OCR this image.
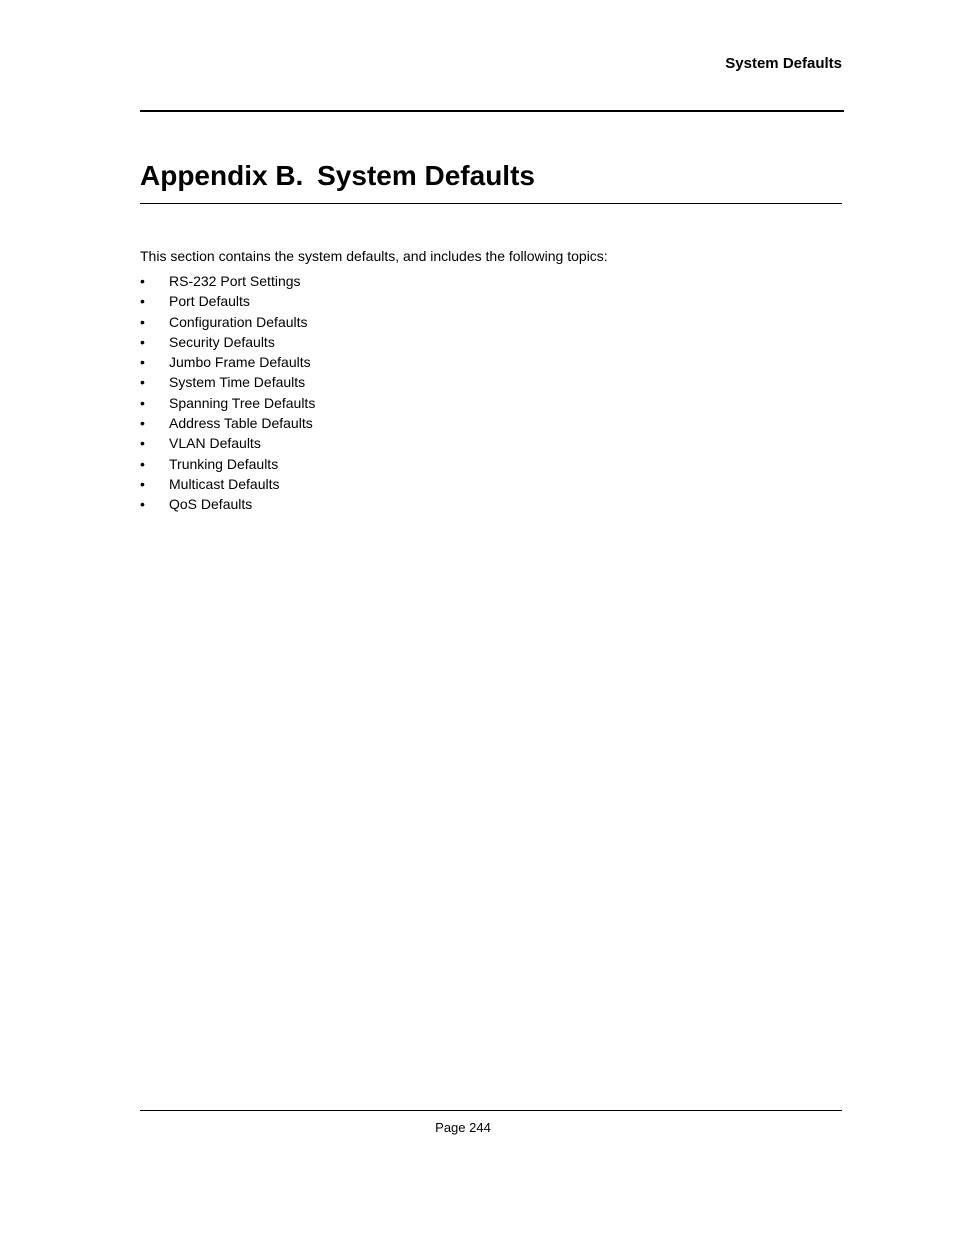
System Defaults
Appendix B. System Defaults

This section contains the system defaults, and includes the following topics:

• RS-232 Port Settings
• Port Defaults
• Configuration Defaults
• Security Defaults
• Jumbo Frame Defaults
• System Time Defaults
• Spanning Tree Defaults
• Address Table Defaults
• VLAN Defaults
• Trunking Defaults
• Multicast Defaults
• QoS Defaults
Page 244
